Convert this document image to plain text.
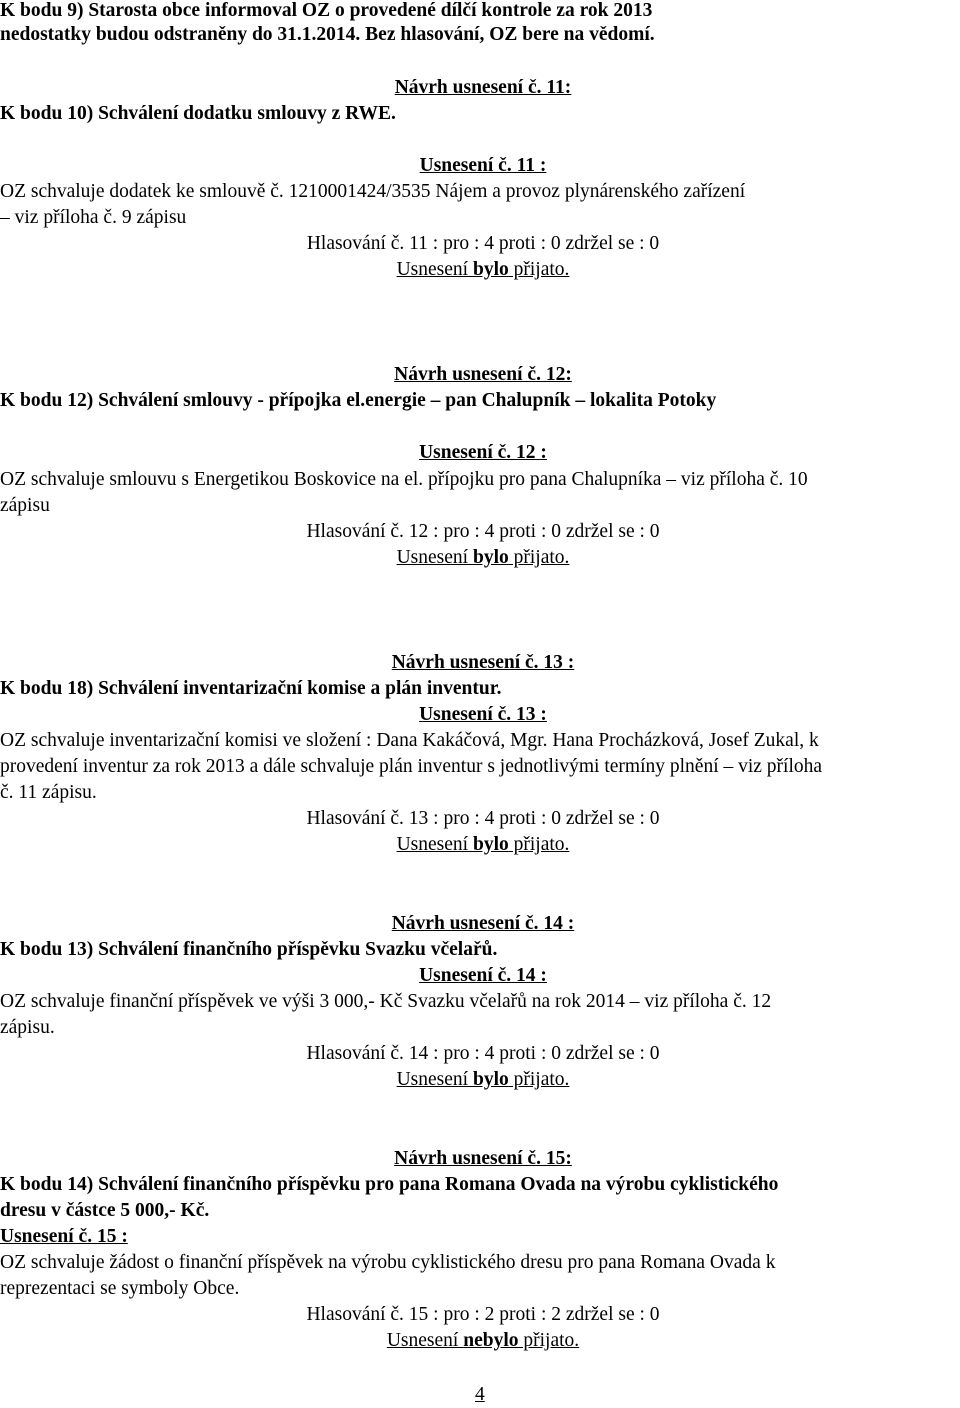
K bodu 9) Starosta obce informoval OZ o provedené dílčí kontrole za rok 2013
nedostatky budou odstraněny do 31.1.2014. Bez hlasování, OZ bere na vědomí.
Návrh usnesení č. 11:
K bodu 10) Schválení dodatku smlouvy z RWE.
Usnesení č. 11 :
OZ schvaluje dodatek ke smlouvě č. 1210001424/3535 Nájem a provoz plynárenského zařízení
– viz příloha č. 9 zápisu
Hlasování č. 11 : pro : 4 proti : 0 zdržel se : 0
Usnesení bylo přijato.
Návrh usnesení č. 12:
K bodu 12) Schválení smlouvy - přípojka el.energie – pan Chalupník – lokalita Potoky
Usnesení č. 12 :
OZ schvaluje smlouvu s Energetikou Boskovice na el. přípojku pro pana Chalupníka – viz příloha č. 10
zápisu
Hlasování č. 12 : pro : 4 proti : 0 zdržel se : 0
Usnesení bylo přijato.
Návrh usnesení č. 13 :
K bodu 18) Schválení inventarizační komise a plán inventur.
Usnesení č. 13 :
OZ schvaluje inventarizační komisi ve složení : Dana Kakáčová, Mgr. Hana Procházková, Josef Zukal, k
provedení inventur za rok 2013 a dále schvaluje plán inventur s jednotlivými termíny plnění – viz příloha
č. 11 zápisu.
Hlasování č. 13 : pro : 4 proti : 0 zdržel se : 0
Usnesení bylo přijato.
Návrh usnesení č. 14 :
K bodu 13) Schválení finančního příspěvku Svazku včelařů.
Usnesení č. 14 :
OZ schvaluje finanční příspěvek ve výši 3 000,- Kč Svazku včelařů na rok 2014 – viz příloha č. 12
zápisu.
Hlasování č. 14 : pro : 4 proti : 0 zdržel se : 0
Usnesení bylo přijato.
Návrh usnesení č. 15:
K bodu 14) Schválení finančního příspěvku pro pana Romana Ovada na výrobu cyklistického
dresu v částce 5 000,- Kč.
Usnesení č. 15 :
OZ schvaluje žádost o finanční příspěvek na výrobu cyklistického dresu pro pana Romana Ovada k
reprezentaci se symboly Obce.
Hlasování č. 15 : pro : 2 proti : 2 zdržel se : 0
Usnesení nebylo přijato.
4
